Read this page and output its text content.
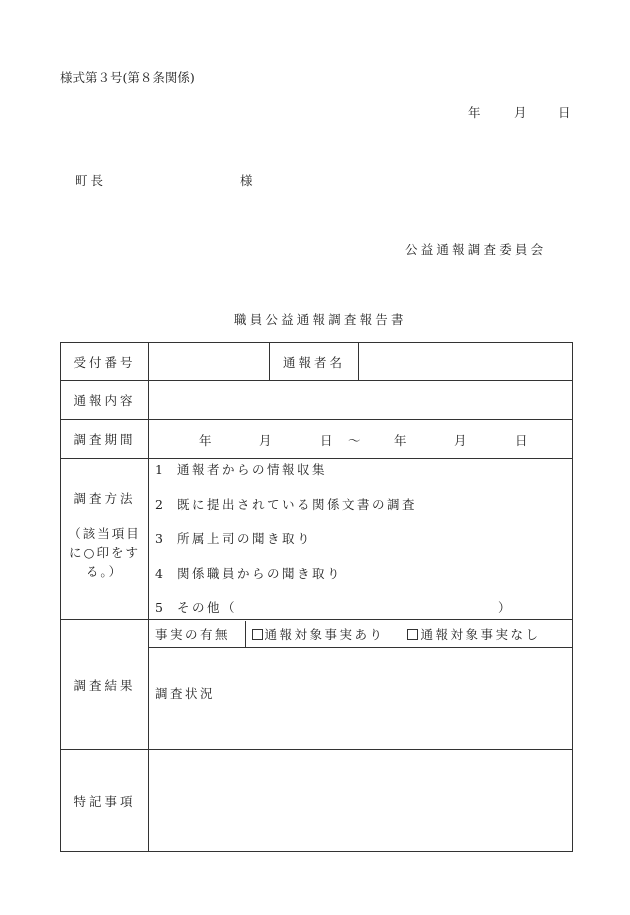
様式第３号(第８条関係)
年	月	日
町長	様
公益通報調査委員会
職員公益通報調査報告書
受付番号		通報者名	
通報内容	
調査期間	年	月	日 ～	年	月	日

調査方法
（該当項目に○印をする。）

1 通報者からの情報収集
2 既に提出されている関係文書の調査
3 所属上司の聞き取り
4 関係職員からの聞き取り
5 その他（	）

調査結果	
事実の有無	通報対象事実あり	通報対象事実なし

調査状況
特記事項	
